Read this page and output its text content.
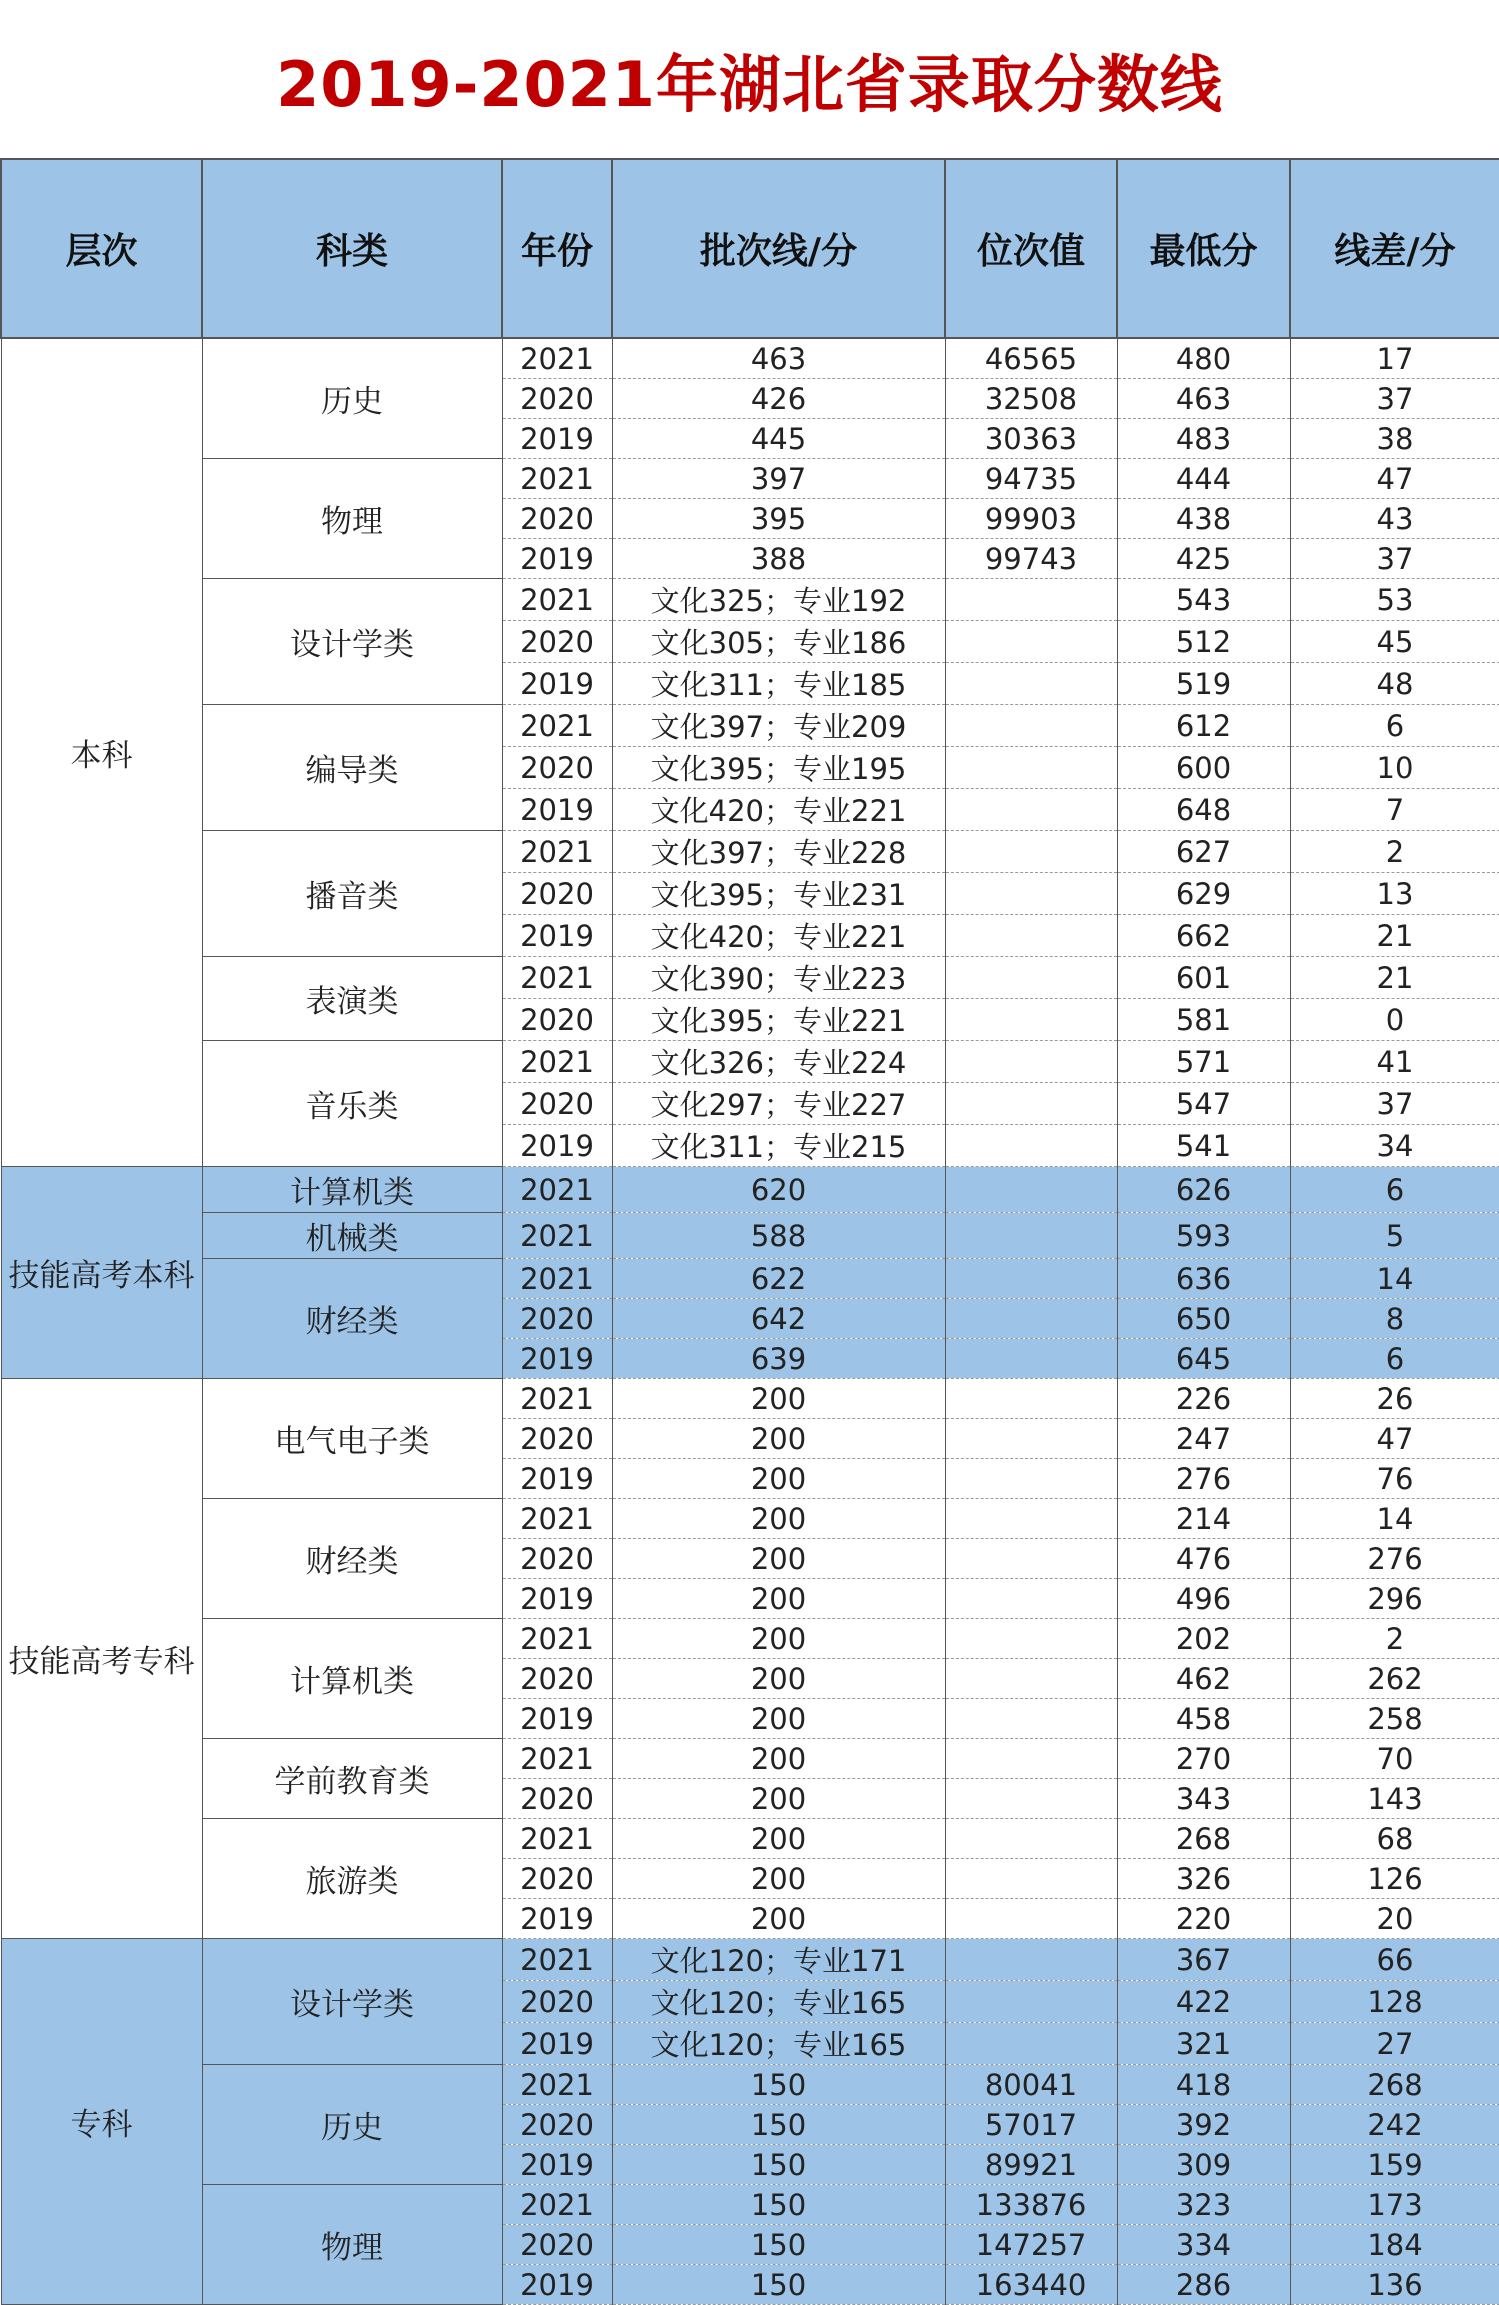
2019-2021年湖北省录取分数线
层次	科类	年份	批次线/分	位次值	最低分	线差/分
本科	历史	2021	463	46565	480	17
		2020	426	32508	463	37
		2019	445	30363	483	38
	物理	2021	397	94735	444	47
		2020	395	99903	438	43
		2019	388	99743	425	37
	设计学类	2021	文化325；专业192		543	53
		2020	文化305；专业186		512	45
		2019	文化311；专业185		519	48
	编导类	2021	文化397；专业209		612	6
		2020	文化395；专业195		600	10
		2019	文化420；专业221		648	7
	播音类	2021	文化397；专业228		627	2
		2020	文化395；专业231		629	13
		2019	文化420；专业221		662	21
	表演类	2021	文化390；专业223		601	21
		2020	文化395；专业221		581	0
	音乐类	2021	文化326；专业224		571	41
		2020	文化297；专业227		547	37
		2019	文化311；专业215		541	34
技能高考本科	计算机类	2021	620		626	6
	机械类	2021	588		593	5
	财经类	2021	622		636	14
		2020	642		650	8
		2019	639		645	6
技能高考专科	电气电子类	2021	200		226	26
		2020	200		247	47
		2019	200		276	76
	财经类	2021	200		214	14
		2020	200		476	276
		2019	200		496	296
	计算机类	2021	200		202	2
		2020	200		462	262
		2019	200		458	258
	学前教育类	2021	200		270	70
		2020	200		343	143
	旅游类	2021	200		268	68
		2020	200		326	126
		2019	200		220	20
专科	设计学类	2021	文化120；专业171		367	66
		2020	文化120；专业165		422	128
		2019	文化120；专业165		321	27
	历史	2021	150	80041	418	268
		2020	150	57017	392	242
		2019	150	89921	309	159
	物理	2021	150	133876	323	173
		2020	150	147257	334	184
		2019	150	163440	286	136
